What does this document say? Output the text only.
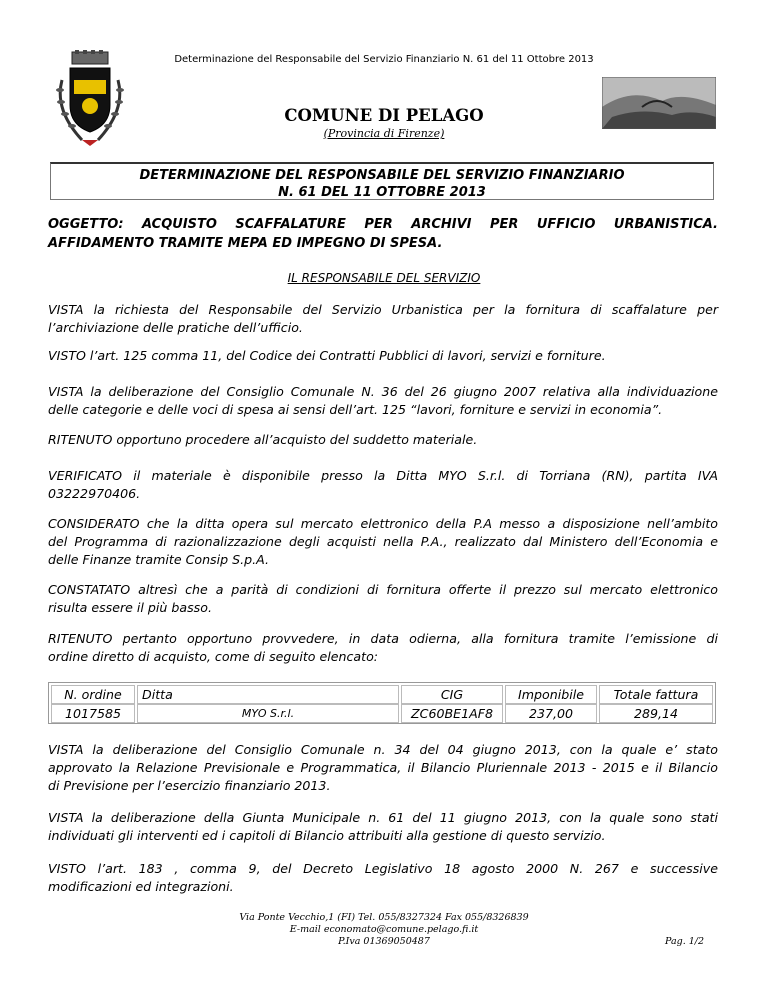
Determinazione del Responsabile del Servizio Finanziario N. 61 del 11 Ottobre 2013
COMUNE DI PELAGO
(Provincia di Firenze)
DETERMINAZIONE DEL RESPONSABILE DEL SERVIZIO FINANZIARIO
N. 61 DEL 11 OTTOBRE 2013
OGGETTO: ACQUISTO SCAFFALATURE PER ARCHIVI PER UFFICIO URBANISTICA.
AFFIDAMENTO TRAMITE MEPA ED IMPEGNO DI SPESA.
IL RESPONSABILE DEL SERVIZIO
VISTA la richiesta del Responsabile del Servizio Urbanistica per la fornitura di scaffalature per
l’archiviazione delle pratiche dell’ufficio.
VISTO l’art. 125 comma 11, del Codice dei Contratti Pubblici di lavori, servizi e forniture.
VISTA la deliberazione del Consiglio Comunale N. 36 del 26 giugno 2007 relativa alla individuazione
delle categorie e delle voci di spesa ai sensi dell’art. 125 “lavori, forniture e servizi in economia”.
RITENUTO opportuno procedere all’acquisto del suddetto materiale.
VERIFICATO il materiale è disponibile presso la Ditta MYO S.r.l. di Torriana (RN), partita IVA
03222970406.
CONSIDERATO che la ditta opera sul mercato elettronico della P.A messo a disposizione nell’ambito
del Programma di razionalizzazione degli acquisti nella P.A., realizzato dal Ministero dell’Economia e
delle Finanze tramite Consip S.p.A.
CONSTATATO altresì che a parità di condizioni di fornitura offerte il prezzo sul mercato elettronico
risulta essere il più basso.
RITENUTO pertanto opportuno provvedere, in data odierna, alla fornitura tramite l’emissione di
ordine diretto di acquisto, come di seguito elencato:
N. ordine	Ditta	CIG	Imponibile	Totale fattura
1017585	MYO S.r.l.	ZC60BE1AF8	237,00	289,14
VISTA la deliberazione del Consiglio Comunale n. 34 del 04 giugno 2013, con la quale e’ stato
approvato la Relazione Previsionale e Programmatica, il Bilancio Pluriennale 2013 - 2015 e il Bilancio
di Previsione per l’esercizio finanziario 2013.
VISTA la deliberazione della Giunta Municipale n. 61 del 11 giugno 2013, con la quale sono stati
individuati gli interventi ed i capitoli di Bilancio attribuiti alla gestione di questo servizio.
VISTO l’art. 183 , comma 9, del Decreto Legislativo 18 agosto 2000 N. 267 e successive
modificazioni ed integrazioni.
Via Ponte Vecchio,1 (FI) Tel. 055/8327324 Fax 055/8326839
E-mail economato@comune.pelago.fi.it
P.Iva 01369050487	Pag. 1/2
